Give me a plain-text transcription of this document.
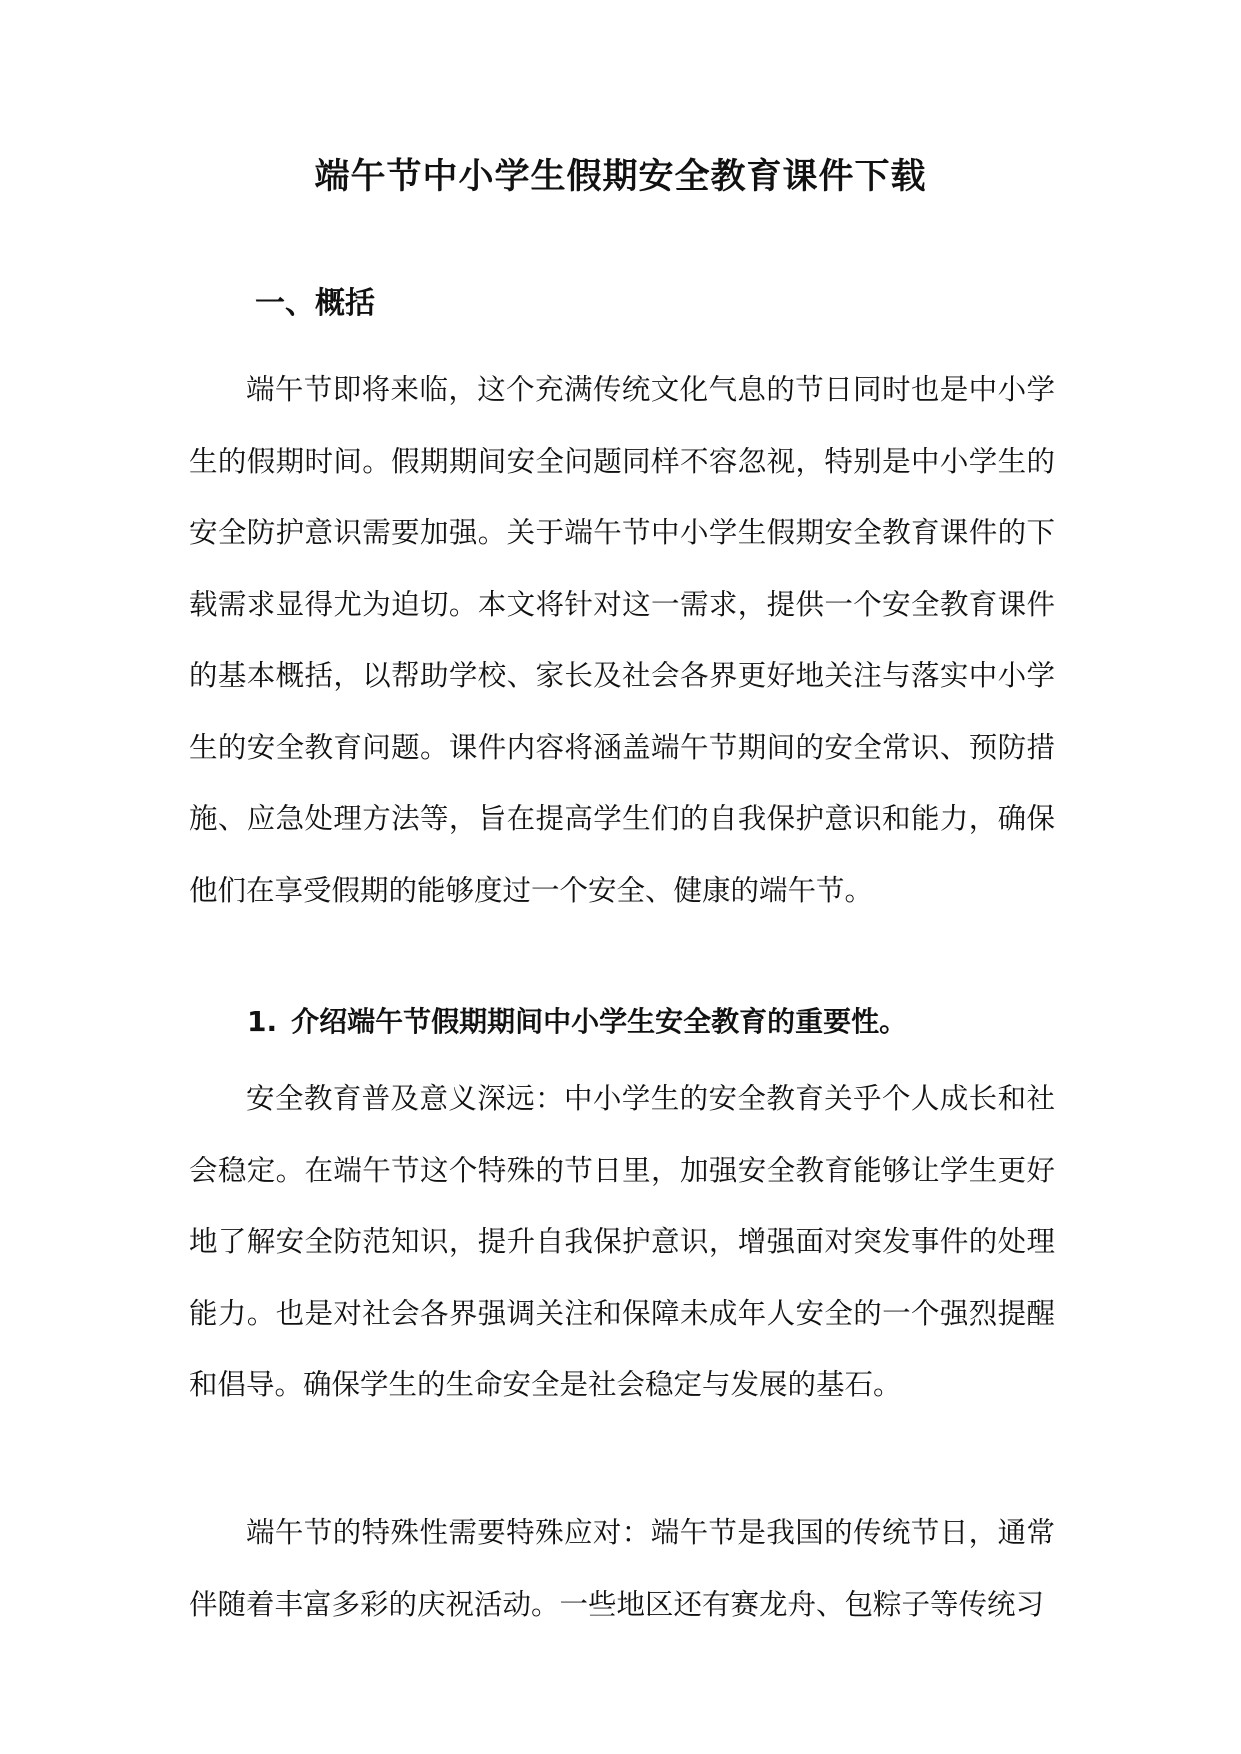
端午节中小学生假期安全教育课件下载
一、概括

端午节即将来临，这个充满传统文化气息的节日同时也是中小学生的假期时间。假期期间安全问题同样不容忽视，特别是中小学生的安全防护意识需要加强。关于端午节中小学生假期安全教育课件的下载需求显得尤为迫切。本文将针对这一需求，提供一个安全教育课件的基本概括，以帮助学校、家长及社会各界更好地关注与落实中小学生的安全教育问题。课件内容将涵盖端午节期间的安全常识、预防措施、应急处理方法等，旨在提高学生们的自我保护意识和能力，确保他们在享受假期的能够度过一个安全、健康的端午节。

1. 介绍端午节假期期间中小学生安全教育的重要性。

安全教育普及意义深远：中小学生的安全教育关乎个人成长和社会稳定。在端午节这个特殊的节日里，加强安全教育能够让学生更好地了解安全防范知识，提升自我保护意识，增强面对突发事件的处理能力。也是对社会各界强调关注和保障未成年人安全的一个强烈提醒和倡导。确保学生的生命安全是社会稳定与发展的基石。

端午节的特殊性需要特殊应对：端午节是我国的传统节日，通常伴随着丰富多彩的庆祝活动。一些地区还有赛龙舟、包粽子等传统习
